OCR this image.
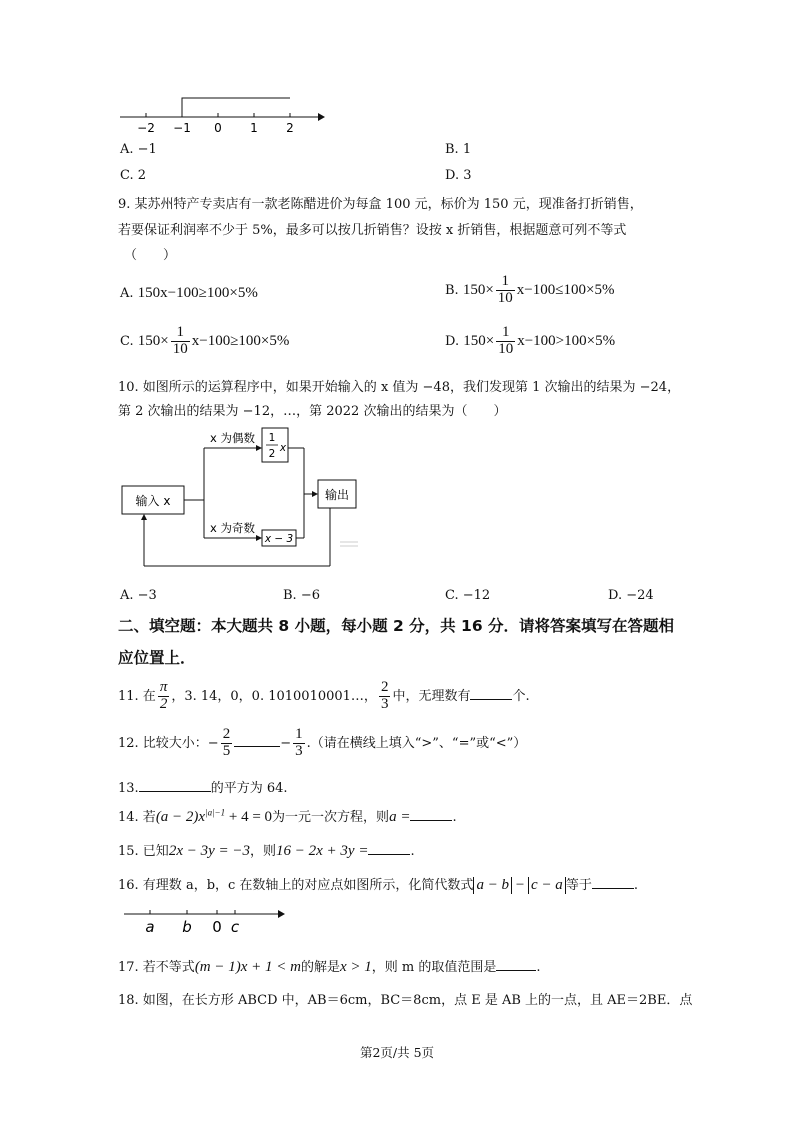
−2 −1 0 1 2
A. −1	B. 1
C. 2	D. 3
9. 某苏州特产专卖店有一款老陈醋进价为每盒 100 元，标价为 150 元，现准备打折销售，
若要保证利润率不少于 5%，最多可以按几折销售？设按 x 折销售，根据题意可列不等式
（　　）
A. 150x−100≥100×5%	B. $150\times \frac{1}{10} x-100\le 100\times 5\%$
C. $150\times \frac{1}{10} x-100\ge 100\times 5\%$	D. $150\times \frac{1}{10} x-100>100\times 5\%$
10. 如图所示的运算程序中，如果开始输入的 x 值为 −48，我们发现第 1 次输出的结果为 −24，
第 2 次输出的结果为 −12，…，第 2022 次输出的结果为（　　）
输入 x
x 为偶数
x 为奇数
1
2 x
x − 3
输出
A. −3	B. −6	C. −12	D. −24
二、填空题：本大题共 8 小题，每小题 2 分，共 16 分．请将答案填写在答题相
应位置上．
11. 在 $\frac{\pi}{2}$ ，3. 14，0，0. 1010010001…， $\frac{2}{3}$ 中，无理数有	个.
12. 比较大小：− $\frac{2}{5}$	− $\frac{1}{3}$ .（请在横线上填入“>”、“=”或“<”）
13.	的平方为 64.
14. 若$(a - 2)x^{|a|-1} + 4 = 0$为一元一次方程，则a =	.
15. 已知2x − 3y = −3，则16 − 2x + 3y =	.
16. 有理数 a，b，c 在数轴上的对应点如图所示，化简代数式 a − b − c − a 等于	.
a b 0 c
17. 若不等式(m − 1)x + 1 < m的解是x > 1，则 m 的取值范围是	.
18. 如图，在长方形 ABCD 中，AB＝6cm，BC＝8cm，点 E 是 AB 上的一点，且 AE＝2BE．点
第2页/共 5页
